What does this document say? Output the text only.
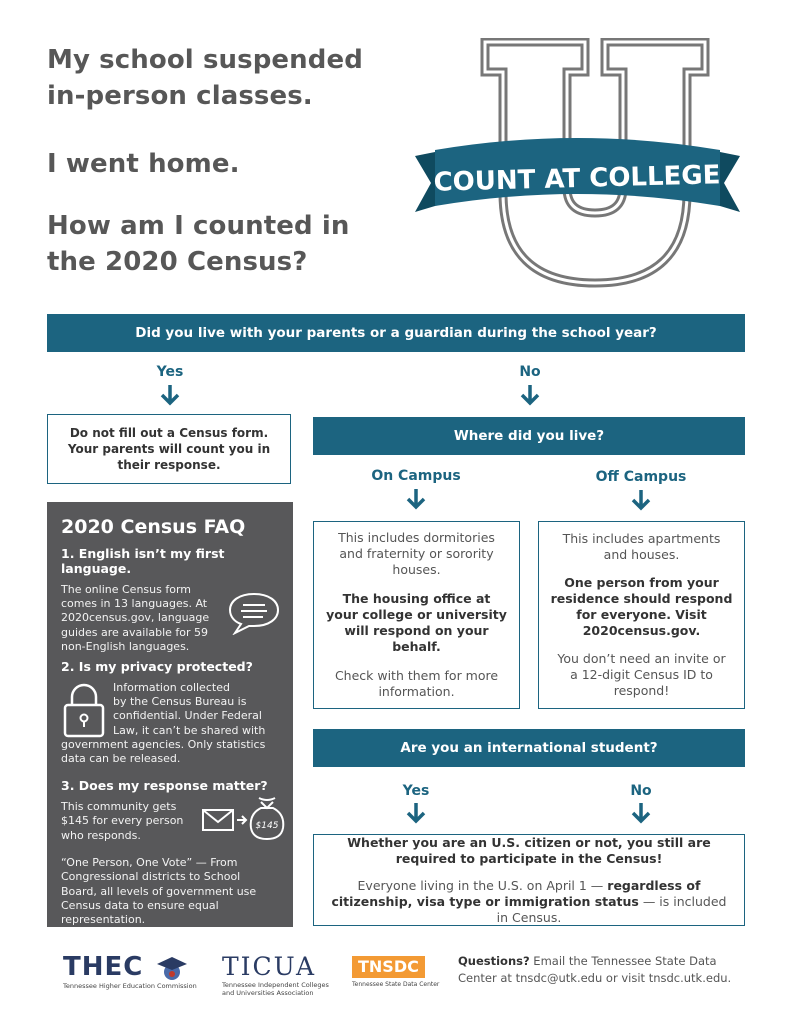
My school suspended
in-person classes.
I went home.
How am I counted in
the 2020 Census?
COUNT AT COLLEGE
Did you live with your parents or a guardian during the school year?
Yes	No
Do not fill out a Census form. Your parents will count you in their response.
Where did you live?
On Campus	Off Campus

This includes dormitories and fraternity or sorority houses.

The housing office at your college or university will respond on your behalf.

Check with them for more information.

This includes apartments and houses.

One person from your residence should respond for everyone. Visit 2020census.gov.

You don’t need an invite or a 12-digit Census ID to respond!

Are you an international student?
Yes	No

Whether you are an U.S. citizen or not, you still are required to participate in the Census!

Everyone living in the U.S. on April 1 — regardless of citizenship, visa type or immigration status — is included in Census.

2020 Census FAQ
1. English isn’t my first language.
The online Census form comes in 13 languages. At 2020census.gov, language guides are available for 59 non-English languages.
2. Is my privacy protected?
Information collected
by the Census Bureau is
confidential. Under Federal
Law, it can’t be shared with
government agencies. Only statistics data can be released.
3. Does my response matter?
This community gets $145 for every person who responds.
$145
“One Person, One Vote” — From Congressional districts to School Board, all levels of government use Census data to ensure equal representation.
THEC
Tennessee Higher Education Commission
TICUA
Tennessee Independent Colleges
and Universities Association
TNSDC
Tennessee State Data Center
Questions? Email the Tennessee State Data Center at tnsdc@utk.edu or visit tnsdc.utk.edu.
